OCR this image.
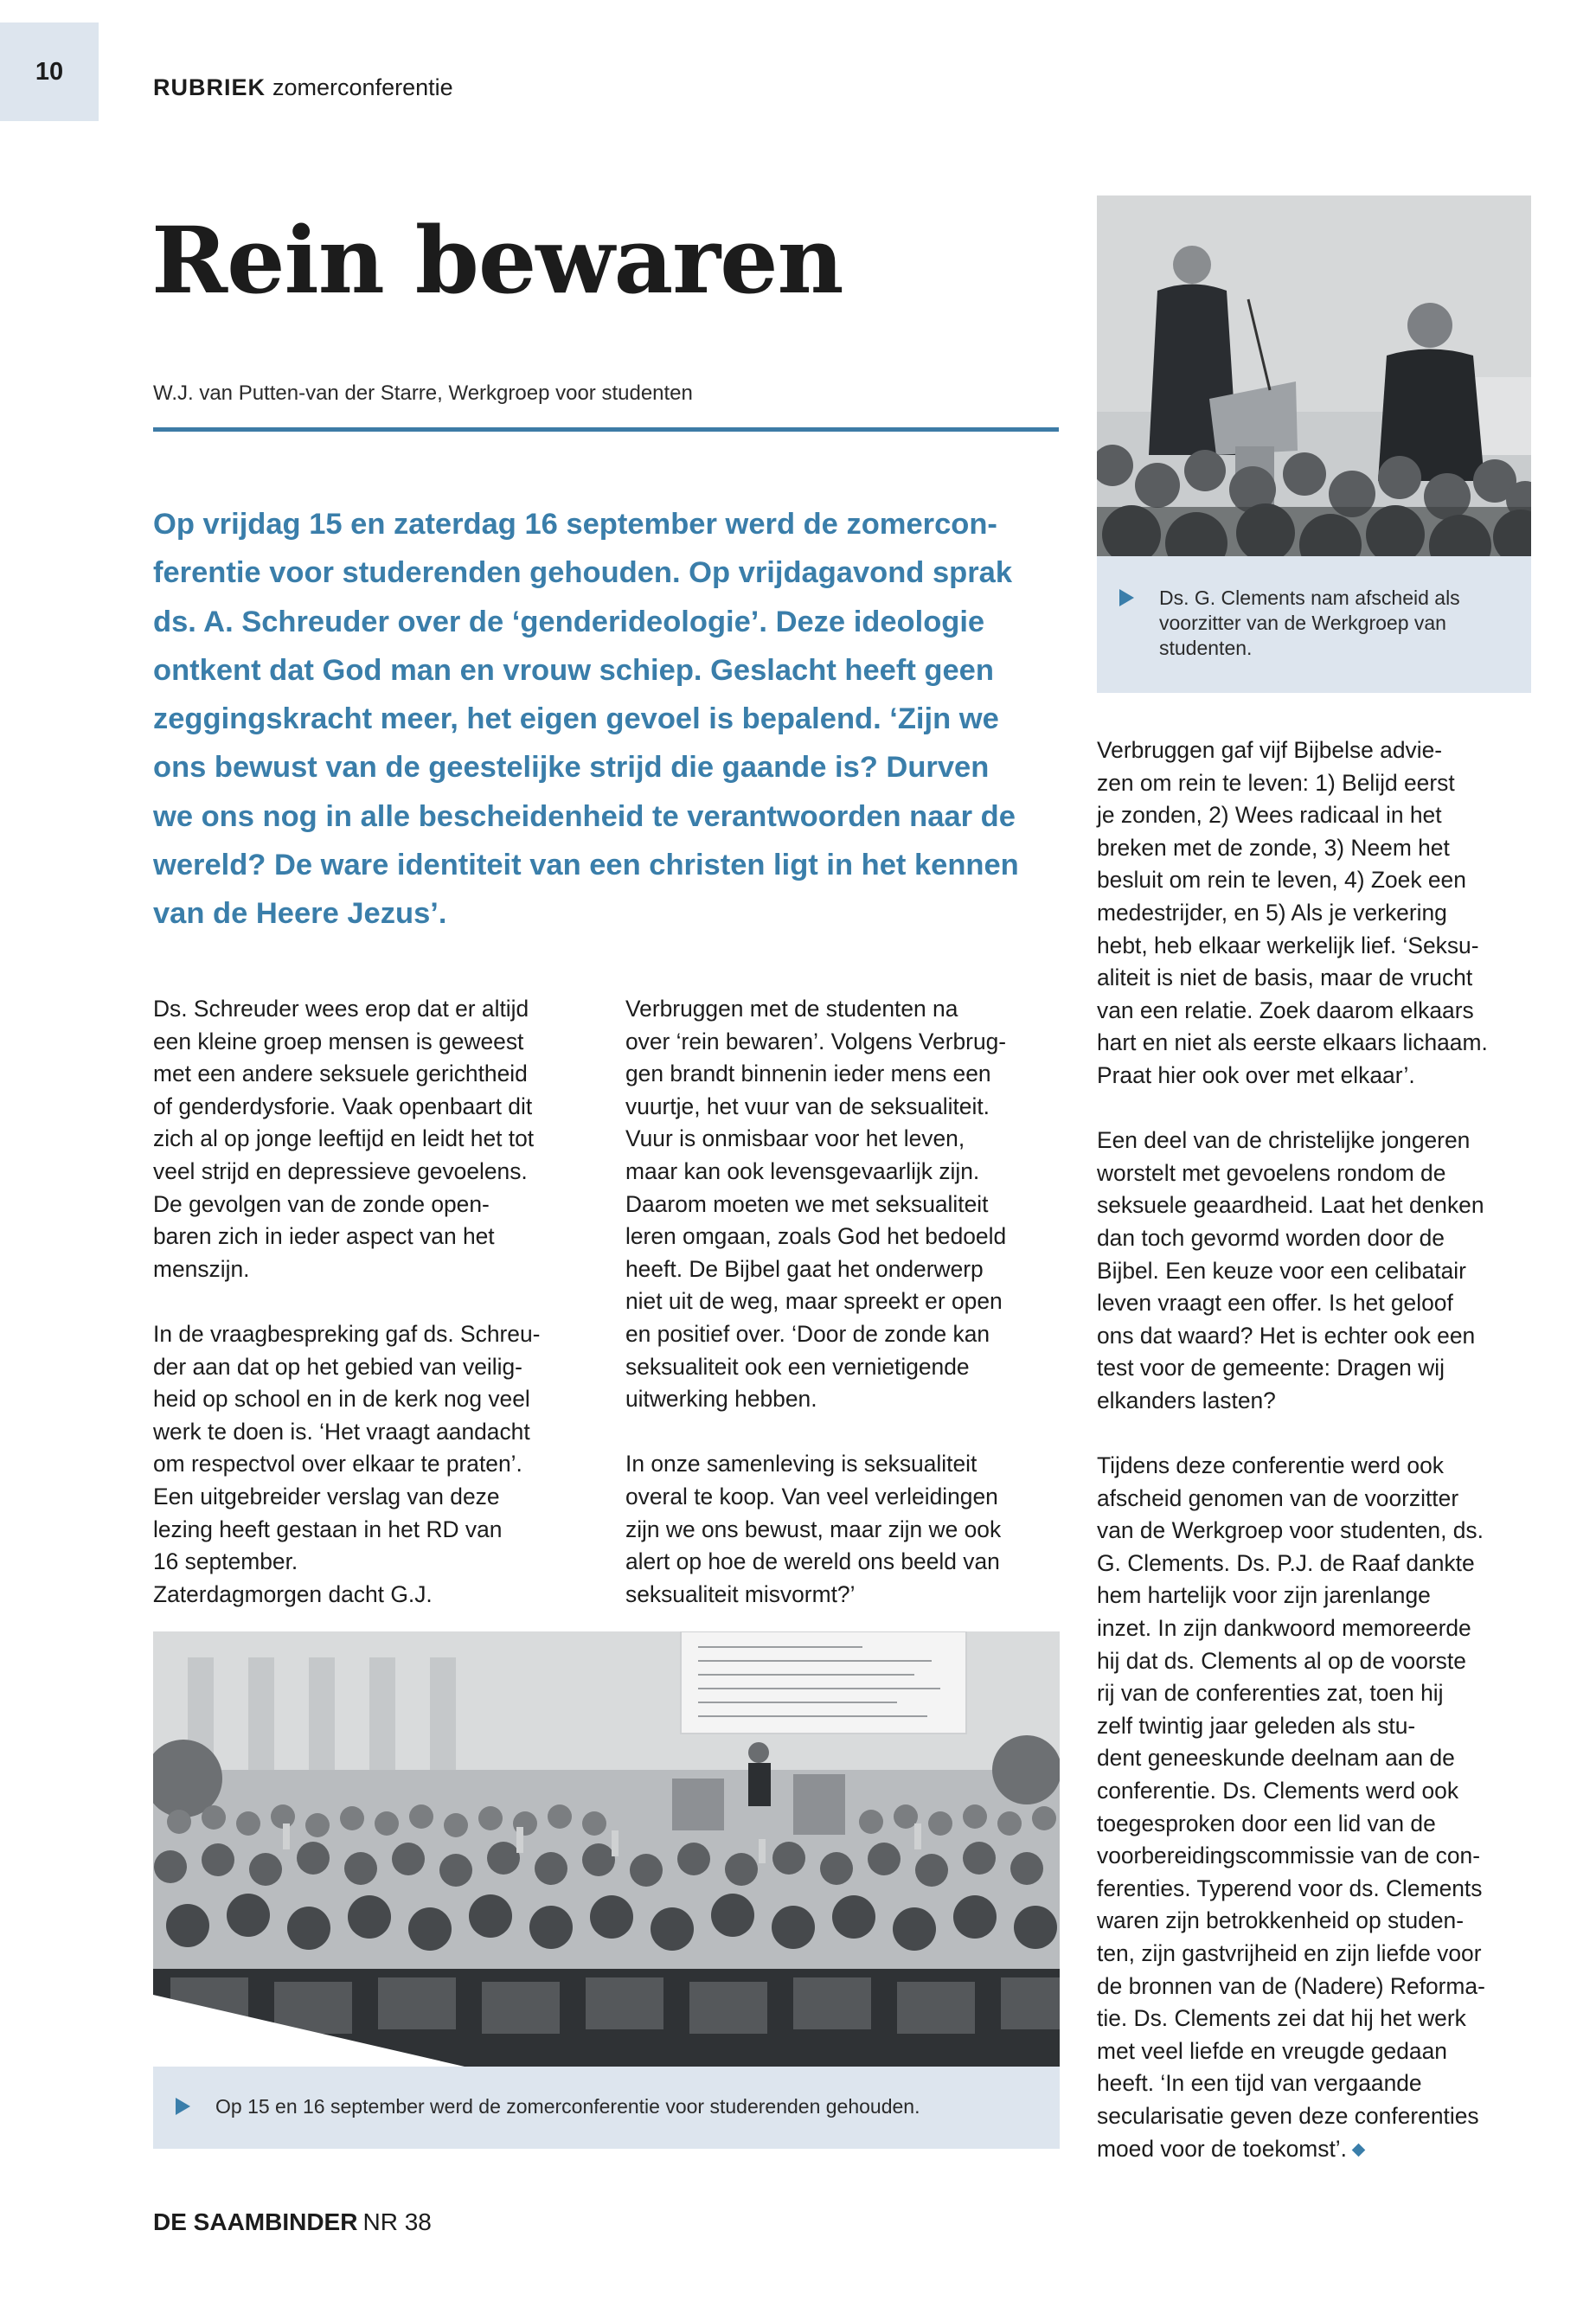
10
RUBRIEK zomerconferentie
Rein bewaren
W.J. van Putten-van der Starre, Werkgroep voor studenten
Op vrijdag 15 en zaterdag 16 september werd de zomercon-
ferentie voor studerenden gehouden. Op vrijdagavond sprak
ds. A. Schreuder over de ‘genderideologie’. Deze ideologie
ontkent dat God man en vrouw schiep. Geslacht heeft geen
zeggingskracht meer, het eigen gevoel is bepalend. ‘Zijn we
ons bewust van de geestelijke strijd die gaande is? Durven
we ons nog in alle bescheidenheid te verantwoorden naar de
wereld? De ware identiteit van een christen ligt in het kennen
van de Heere Jezus’.
Ds. Schreuder wees erop dat er altijd
een kleine groep mensen is geweest
met een andere seksuele gerichtheid
of genderdysforie. Vaak openbaart dit
zich al op jonge leeftijd en leidt het tot
veel strijd en depressieve gevoelens.
De gevolgen van de zonde open-
baren zich in ieder aspect van het
menszijn.
In de vraagbespreking gaf ds. Schreu-
der aan dat op het gebied van veilig-
heid op school en in de kerk nog veel
werk te doen is. ‘Het vraagt aandacht
om respectvol over elkaar te praten’.
Een uitgebreider verslag van deze
lezing heeft gestaan in het RD van
16 september.
Zaterdagmorgen dacht G.J.
Verbruggen met de studenten na
over ‘rein bewaren’. Volgens Verbrug-
gen brandt binnenin ieder mens een
vuurtje, het vuur van de seksualiteit.
Vuur is onmisbaar voor het leven,
maar kan ook levensgevaarlijk zijn.
Daarom moeten we met seksualiteit
leren omgaan, zoals God het bedoeld
heeft. De Bijbel gaat het onderwerp
niet uit de weg, maar spreekt er open
en positief over. ‘Door de zonde kan
seksualiteit ook een vernietigende
uitwerking hebben.
In onze samenleving is seksualiteit
overal te koop. Van veel verleidingen
zijn we ons bewust, maar zijn we ook
alert op hoe de wereld ons beeld van
seksualiteit misvormt?’
Verbruggen gaf vijf Bijbelse advie-
zen om rein te leven: 1) Belijd eerst
je zonden, 2) Wees radicaal in het
breken met de zonde, 3) Neem het
besluit om rein te leven, 4) Zoek een
medestrijder, en 5) Als je verkering
hebt, heb elkaar werkelijk lief. ‘Seksu-
aliteit is niet de basis, maar de vrucht
van een relatie. Zoek daarom elkaars
hart en niet als eerste elkaars lichaam.
Praat hier ook over met elkaar’.
Een deel van de christelijke jongeren
worstelt met gevoelens rondom de
seksuele geaardheid. Laat het denken
dan toch gevormd worden door de
Bijbel. Een keuze voor een celibatair
leven vraagt een offer. Is het geloof
ons dat waard? Het is echter ook een
test voor de gemeente: Dragen wij
elkanders lasten?
Tijdens deze conferentie werd ook
afscheid genomen van de voorzitter
van de Werkgroep voor studenten, ds.
G. Clements. Ds. P.J. de Raaf dankte
hem hartelijk voor zijn jarenlange
inzet. In zijn dankwoord memoreerde
hij dat ds. Clements al op de voorste
rij van de conferenties zat, toen hij
zelf twintig jaar geleden als stu-
dent geneeskunde deelnam aan de
conferentie. Ds. Clements werd ook
toegesproken door een lid van de
voorbereidingscommissie van de con-
ferenties. Typerend voor ds. Clements
waren zijn betrokkenheid op studen-
ten, zijn gastvrijheid en zijn liefde voor
de bronnen van de (Nadere) Reforma-
tie. Ds. Clements zei dat hij het werk
met veel liefde en vreugde gedaan
heeft. ‘In een tijd van vergaande
secularisatie geven deze conferenties
moed voor de toekomst’.
Ds. G. Clements nam afscheid als
voorzitter van de Werkgroep van
studenten.
Op 15 en 16 september werd de zomerconferentie voor studerenden gehouden.
DE SAAMBINDER NR 38
